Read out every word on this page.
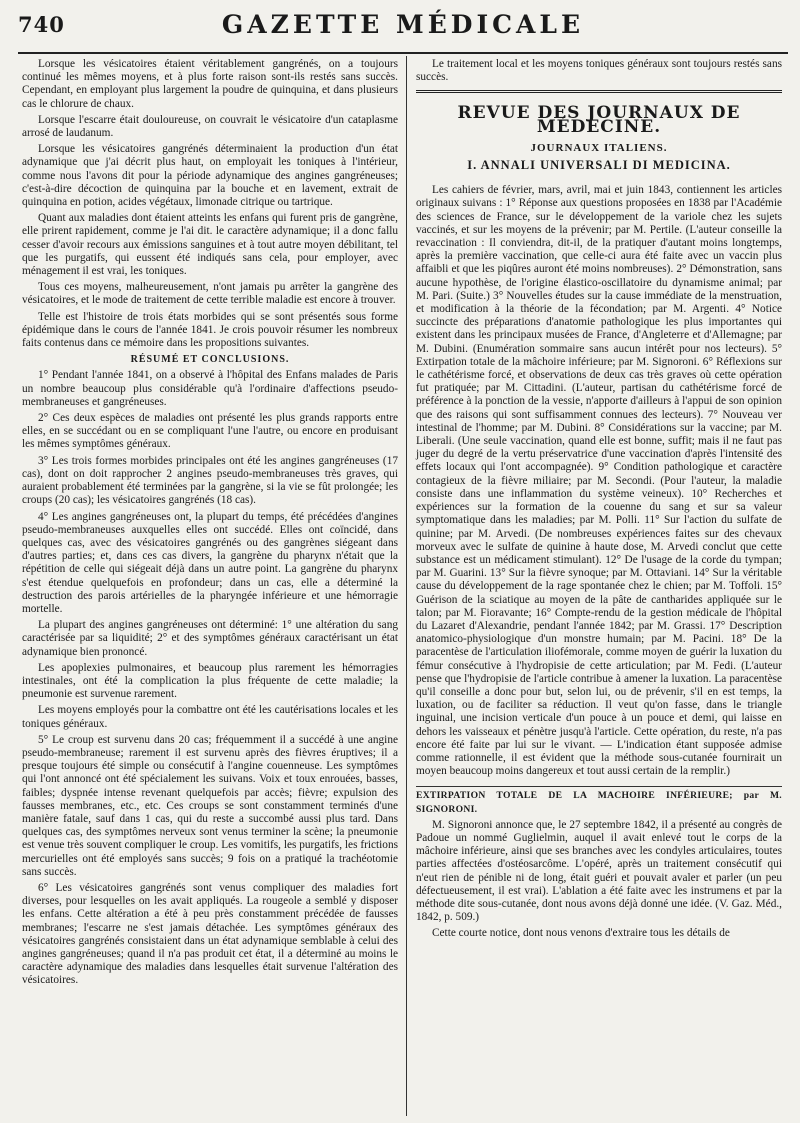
740	GAZETTE MÉDICALE

Lorsque les vésicatoires étaient véritablement gangrénés, on a toujours continué les mêmes moyens, et à plus forte raison sont-ils restés sans succès. Cependant, en employant plus largement la poudre de quinquina, et dans plusieurs cas le chlorure de chaux.

Lorsque l'escarre était douloureuse, on couvrait le vésicatoire d'un cataplasme arrosé de laudanum.

Lorsque les vésicatoires gangrénés déterminaient la production d'un état adynamique que j'ai décrit plus haut, on employait les toniques à l'intérieur, comme nous l'avons dit pour la période adynamique des angines gangréneuses; c'est-à-dire décoction de quinquina par la bouche et en lavement, extrait de quinquina en potion, acides végétaux, limonade citrique ou tartrique.

Quant aux maladies dont étaient atteints les enfans qui furent pris de gangrène, elle prirent rapidement, comme je l'ai dit. le caractère adynamique; il a donc fallu cesser d'avoir recours aux émissions sanguines et à tout autre moyen débilitant, tel que les purgatifs, qui eussent été indiqués sans cela, pour employer, avec ménagement il est vrai, les toniques.

Tous ces moyens, malheureusement, n'ont jamais pu arrêter la gangrène des vésicatoires, et le mode de traitement de cette terrible maladie est encore à trouver.

Telle est l'histoire de trois états morbides qui se sont présentés sous forme épidémique dans le cours de l'année 1841. Je crois pouvoir résumer les nombreux faits contenus dans ce mémoire dans les propositions suivantes.

RÉSUMÉ ET CONCLUSIONS.

1° Pendant l'année 1841, on a observé à l'hôpital des Enfans malades de Paris un nombre beaucoup plus considérable qu'à l'ordinaire d'affections pseudo-membraneuses et gangréneuses.

2° Ces deux espèces de maladies ont présenté les plus grands rapports entre elles, en se succédant ou en se compliquant l'une l'autre, ou encore en produisant les mêmes symptômes généraux.

3° Les trois formes morbides principales ont été les angines gangréneuses (17 cas), dont on doit rapprocher 2 angines pseudo-membraneuses très graves, qui auraient probablement été terminées par la gangrène, si la vie se fût prolongée; les croups (20 cas); les vésicatoires gangrénés (18 cas).

4° Les angines gangréneuses ont, la plupart du temps, été précédées d'angines pseudo-membraneuses auxquelles elles ont succédé. Elles ont coïncidé, dans quelques cas, avec des vésicatoires gangrénés ou des gangrènes siégeant dans d'autres parties; et, dans ces cas divers, la gangrène du pharynx n'était que la répétition de celle qui siégeait déjà dans un autre point. La gangrène du pharynx s'est étendue quelquefois en profondeur; dans un cas, elle a déterminé la destruction des parois artérielles de la pharyngée inférieure et une hémorragie mortelle.

La plupart des angines gangréneuses ont déterminé: 1° une altération du sang caractérisée par sa liquidité; 2° et des symptômes généraux caractérisant un état adynamique bien prononcé.

Les apoplexies pulmonaires, et beaucoup plus rarement les hémorragies intestinales, ont été la complication la plus fréquente de cette maladie; la pneumonie est survenue rarement.

Les moyens employés pour la combattre ont été les cautérisations locales et les toniques généraux.

5° Le croup est survenu dans 20 cas; fréquemment il a succédé à une angine pseudo-membraneuse; rarement il est survenu après des fièvres éruptives; il a presque toujours été simple ou consécutif à l'angine couenneuse. Les symptômes qui l'ont annoncé ont été spécialement les suivans. Voix et toux enrouées, basses, faibles; dyspnée intense revenant quelquefois par accès; fièvre; expulsion des fausses membranes, etc., etc. Ces croups se sont constamment terminés d'une manière fatale, sauf dans 1 cas, qui du reste a succombé aussi plus tard. Dans quelques cas, des symptômes nerveux sont venus terminer la scène; la pneumonie est venue très souvent compliquer le croup. Les vomitifs, les purgatifs, les frictions mercurielles ont été employés sans succès; 9 fois on a pratiqué la trachéotomie sans succès.

6° Les vésicatoires gangrénés sont venus compliquer des maladies fort diverses, pour lesquelles on les avait appliqués. La rougeole a semblé y disposer les enfans. Cette altération a été à peu près constamment précédée de fausses membranes; l'escarre ne s'est jamais détachée. Les symptômes généraux des vésicatoires gangrénés consistaient dans un état adynamique semblable à celui des angines gangréneuses; quand il n'a pas produit cet état, il a déterminé au moins le caractère adynamique des maladies dans lesquelles était survenue l'altération des vésicatoires.

Le traitement local et les moyens toniques généraux sont toujours restés sans succès.

REVUE DES JOURNAUX DE MÉDECINE.
JOURNAUX ITALIENS.
I. ANNALI UNIVERSALI DI MEDICINA.

Les cahiers de février, mars, avril, mai et juin 1843, contiennent les articles originaux suivans : 1° Réponse aux questions proposées en 1838 par l'Académie des sciences de France, sur le développement de la variole chez les sujets vaccinés, et sur les moyens de la prévenir; par M. Pertile. (L'auteur conseille la revaccination : Il conviendra, dit-il, de la pratiquer d'autant moins longtemps, après la première vaccination, que celle-ci aura été faite avec un vaccin plus affaibli et que les piqûres auront été moins nombreuses). 2° Démonstration, sans aucune hypothèse, de l'origine élastico-oscillatoire du dynamisme animal; par M. Pari. (Suite.) 3° Nouvelles études sur la cause immédiate de la menstruation, et modification à la théorie de la fécondation; par M. Argenti. 4° Notice succincte des préparations d'anatomie pathologique les plus importantes qui existent dans les principaux musées de France, d'Angleterre et d'Allemagne; par M. Dubini. (Enumération sommaire sans aucun intérêt pour nos lecteurs). 5° Extirpation totale de la mâchoire inférieure; par M. Signoroni. 6° Réflexions sur le cathétérisme forcé, et observations de deux cas très graves où cette opération fut pratiquée; par M. Cittadini. (L'auteur, partisan du cathétérisme forcé de préférence à la ponction de la vessie, n'apporte d'ailleurs à l'appui de son opinion que des raisons qui sont suffisamment connues des lecteurs). 7° Nouveau ver intestinal de l'homme; par M. Dubini. 8° Considérations sur la vaccine; par M. Liberali. (Une seule vaccination, quand elle est bonne, suffit; mais il ne faut pas juger du degré de la vertu préservatrice d'une vaccination d'après l'intensité des effets locaux qui l'ont accompagnée). 9° Condition pathologique et caractère contagieux de la fièvre miliaire; par M. Secondi. (Pour l'auteur, la maladie consiste dans une inflammation du système veineux). 10° Recherches et expériences sur la formation de la couenne du sang et sur sa valeur symptomatique dans les maladies; par M. Polli. 11° Sur l'action du sulfate de quinine; par M. Arvedi. (De nombreuses expériences faites sur des chevaux morveux avec le sulfate de quinine à haute dose, M. Arvedi conclut que cette substance est un médicament stimulant). 12° De l'usage de la corde du tympan; par M. Guarini. 13° Sur la fièvre synoque; par M. Ottaviani. 14° Sur la véritable cause du développement de la rage spontanée chez le chien; par M. Toffoli. 15° Guérison de la sciatique au moyen de la pâte de cantharides appliquée sur le talon; par M. Fioravante; 16° Compte-rendu de la gestion médicale de l'hôpital du Lazaret d'Alexandrie, pendant l'année 1842; par M. Grassi. 17° Description anatomico-physiologique d'un monstre humain; par M. Pacini. 18° De la paracentèse de l'articulation iliofémorale, comme moyen de guérir la luxation du fémur consécutive à l'hydropisie de cette articulation; par M. Fedi. (L'auteur pense que l'hydropisie de l'article contribue à amener la luxation. La paracentèse qu'il conseille a donc pour but, selon lui, ou de prévenir, s'il en est temps, la luxation, ou de faciliter sa réduction. Il veut qu'on fasse, dans le triangle inguinal, une incision verticale d'un pouce à un pouce et demi, qui laisse en dehors les vaisseaux et pénètre jusqu'à l'article. Cette opération, du reste, n'a pas encore été faite par lui sur le vivant. — L'indication étant supposée admise comme rationnelle, il est évident que la méthode sous-cutanée fournirait un moyen beaucoup moins dangereux et tout aussi certain de la remplir.)

EXTIRPATION TOTALE DE LA MACHOIRE INFÉRIEURE; par M. SIGNORONI.

M. Signoroni annonce que, le 27 septembre 1842, il a présenté au congrès de Padoue un nommé Guglielmin, auquel il avait enlevé tout le corps de la mâchoire inférieure, ainsi que ses branches avec les condyles articulaires, toutes parties affectées d'ostéosarcôme. L'opéré, après un traitement consécutif qui n'eut rien de pénible ni de long, était guéri et pouvait avaler et parler (un peu défectueusement, il est vrai). L'ablation a été faite avec les instrumens et par la méthode dite sous-cutanée, dont nous avons déjà donné une idée. (V. Gaz. Méd., 1842, p. 509.)

Cette courte notice, dont nous venons d'extraire tous les détails de
